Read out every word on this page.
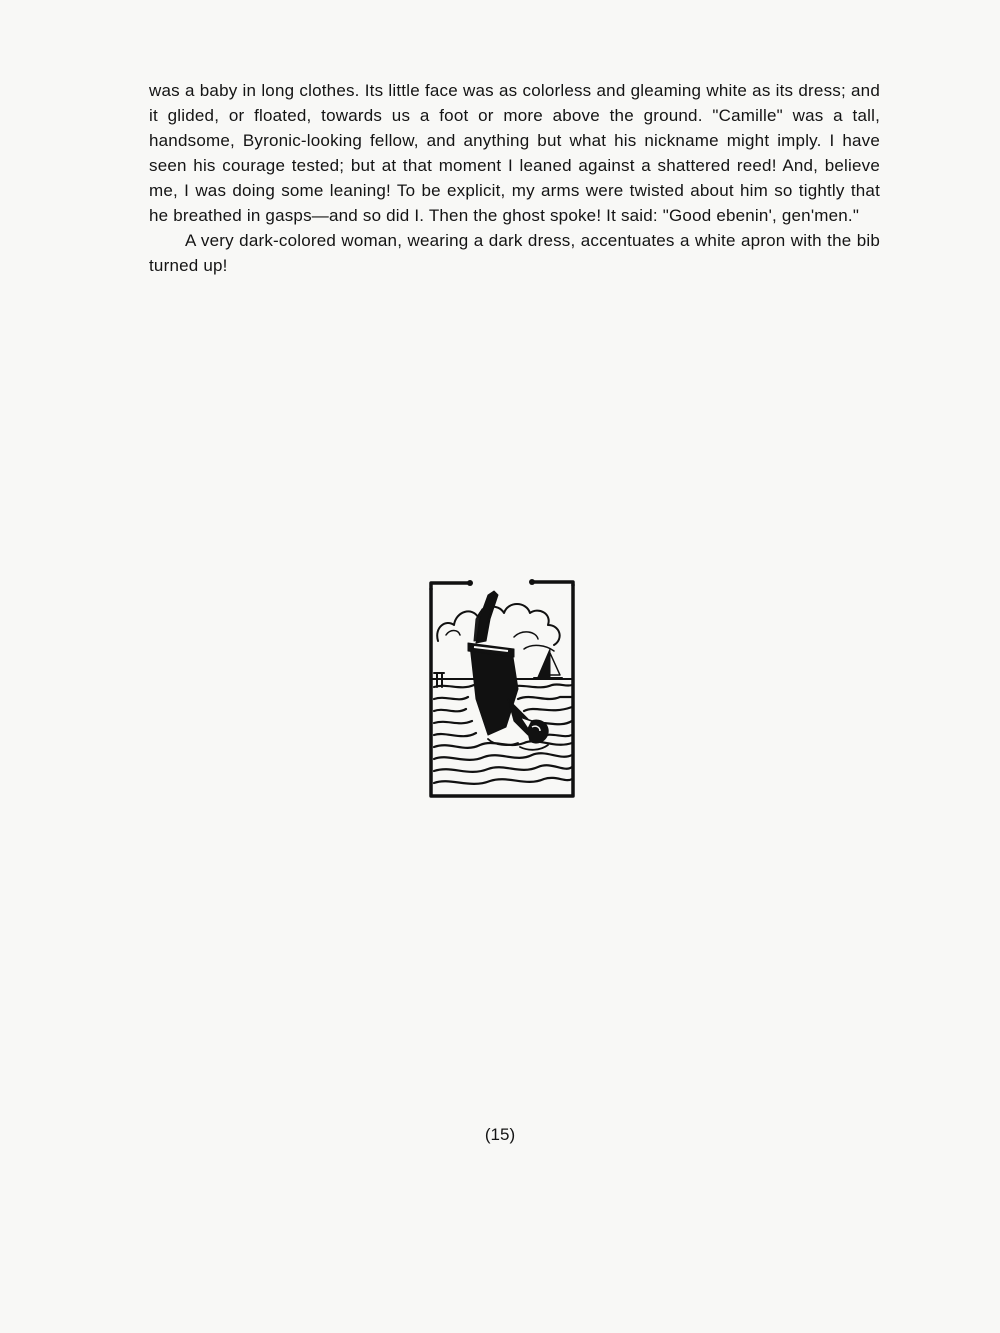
was a baby in long clothes. Its little face was as colorless and gleaming white as its dress; and it glided, or floated, towards us a foot or more above the ground. "Camille" was a tall, handsome, Byronic-looking fellow, and anything but what his nickname might imply. I have seen his courage tested; but at that moment I leaned against a shattered reed! And, believe me, I was doing some leaning! To be explicit, my arms were twisted about him so tightly that he breathed in gasps—and so did I. Then the ghost spoke! It said: "Good ebenin', gen'men."

A very dark-colored woman, wearing a dark dress, accentuates a white apron with the bib turned up!

(15)
